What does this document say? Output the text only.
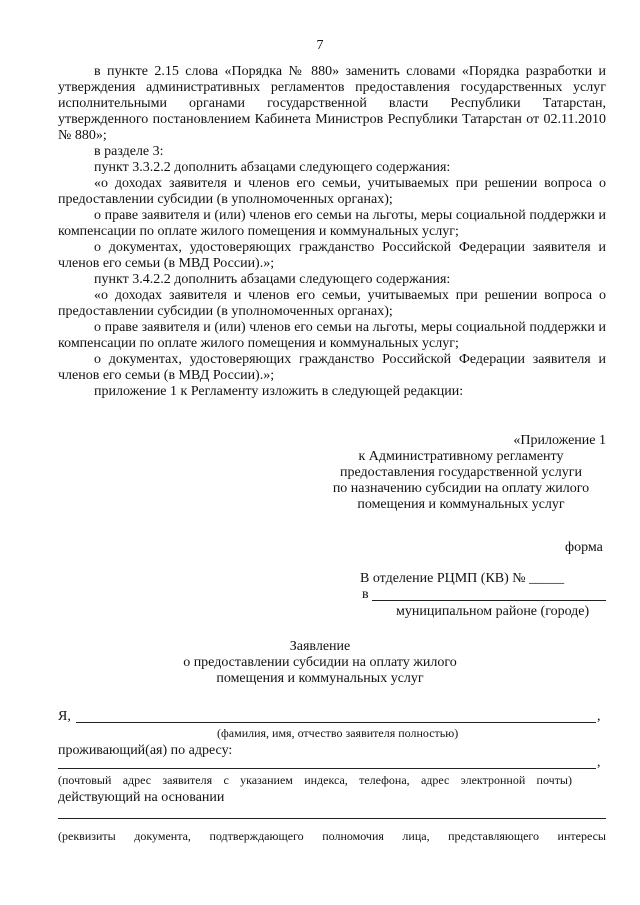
7

в пункте 2.15 слова «Порядка № 880» заменить словами «Порядка разработки и утверждения административных регламентов предоставления государственных услуг исполнительными органами государственной власти Республики Татарстан, утвержденного постановлением Кабинета Министров Республики Татарстан от 02.11.2010 № 880»;

в разделе 3:

пункт 3.3.2.2 дополнить абзацами следующего содержания:

«о доходах заявителя и членов его семьи, учитываемых при решении вопроса о предоставлении субсидии (в уполномоченных органах);

о праве заявителя и (или) членов его семьи на льготы, меры социальной поддержки и компенсации по оплате жилого помещения и коммунальных услуг;

о документах, удостоверяющих гражданство Российской Федерации заявителя и членов его семьи (в МВД России).»;

пункт 3.4.2.2 дополнить абзацами следующего содержания:

«о доходах заявителя и членов его семьи, учитываемых при решении вопроса о предоставлении субсидии (в уполномоченных органах);

о праве заявителя и (или) членов его семьи на льготы, меры социальной поддержки и компенсации по оплате жилого помещения и коммунальных услуг;

о документах, удостоверяющих гражданство Российской Федерации заявителя и членов его семьи (в МВД России).»;

приложение 1 к Регламенту изложить в следующей редакции:

«Приложение 1
к Административному регламенту
предоставления государственной услуги
по назначению субсидии на оплату жилого
помещения и коммунальных услуг
форма
В отделение РЦМП (КВ) № _____
в
муниципальном районе (городе)
Заявление
о предоставлении субсидии на оплату жилого
помещения и коммунальных услуг
Я,	,
(фамилия, имя, отчество заявителя полностью)
проживающий(ая) по адресу:
,
(почтовый адрес заявителя с указанием индекса, телефона, адрес электронной почты)
действующий на основании
(реквизиты документа, подтверждающего полномочия лица, представляющего интересы
